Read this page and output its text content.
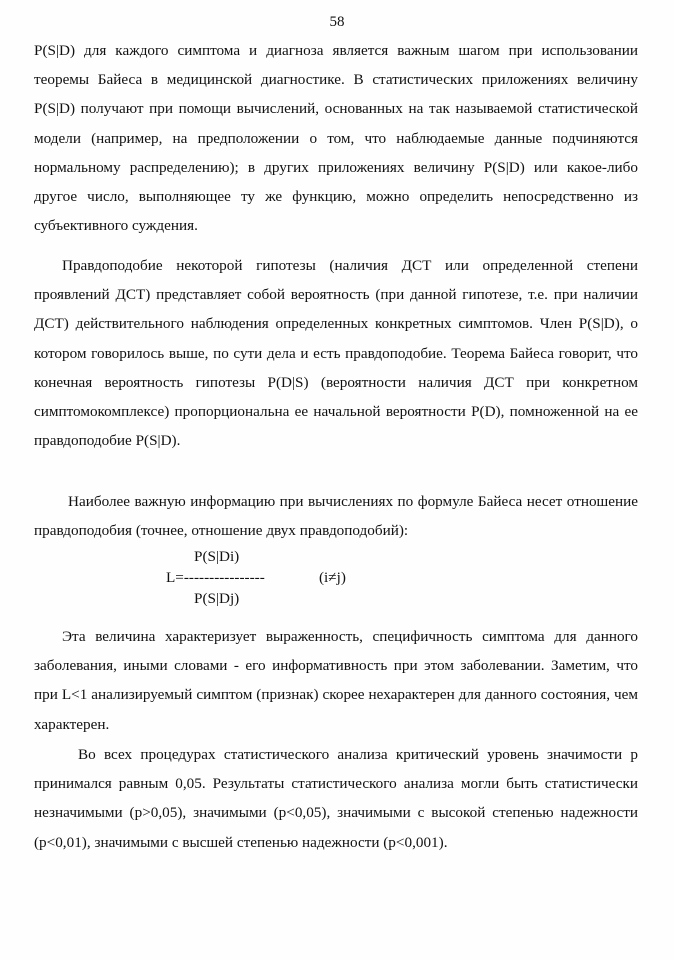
58

P(S|D) для каждого симптома и диагноза является важным шагом при использовании теоремы Байеса в медицинской диагностике. В статистических приложениях величину P(S|D) получают при помощи вычислений, основанных на так называемой статистической модели (например, на предположении о том, что наблюдаемые данные подчиняются нормальному распределению); в других приложениях величину P(S|D) или какое-либо другое число, выполняющее ту же функцию, можно определить непосредственно из субъективного суждения.

Правдоподобие некоторой гипотезы (наличия ДСТ или определенной степени проявлений ДСТ) представляет собой вероятность (при данной гипотезе, т.е. при наличии ДСТ) действительного наблюдения определенных конкретных симптомов. Член P(S|D), о котором говорилось выше, по сути дела и есть правдоподобие. Теорема Байеса говорит, что конечная вероятность гипотезы P(D|S) (вероятности наличия ДСТ при конкретном симптомокомплексе) пропорциональна ее начальной вероятности P(D), помноженной на ее правдоподобие P(S|D).

Наиболее важную информацию при вычислениях по формуле Байеса несет отношение правдоподобия (точнее, отношение двух правдоподобий):

P(S|Di)
L=----------------	(i≠j)
P(S|Dj)

Эта величина характеризует выраженность, специфичность симптома для данного заболевания, иными словами - его информативность при этом заболевании. Заметим, что при L<1 анализируемый симптом (признак) скорее нехарактерен для данного состояния, чем характерен.

Во всех процедурах статистического анализа критический уровень значимости р принимался равным 0,05. Результаты статистического анализа могли быть статистически незначимыми (p>0,05), значимыми (p<0,05), значимыми с высокой степенью надежности (p<0,01), значимыми с высшей степенью надежности (p<0,001).
